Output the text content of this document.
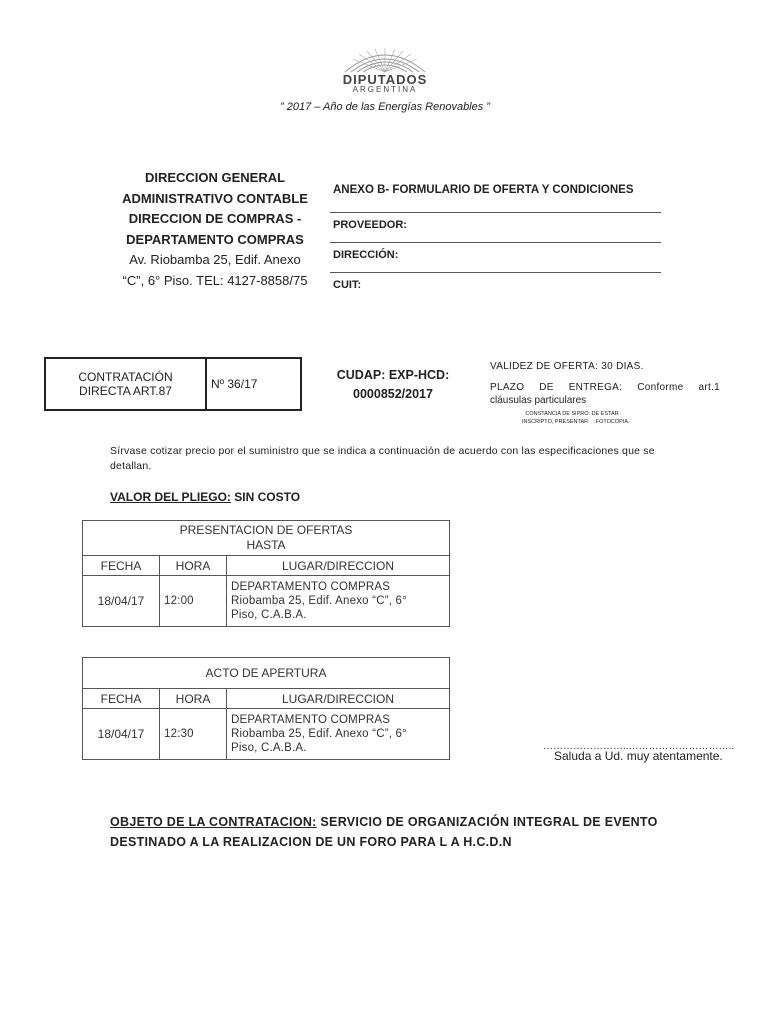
DIPUTADOS
ARGENTINA
” 2017 – Año de las Energías Renovables ”
DIRECCION GENERAL
ADMINISTRATIVO CONTABLE
DIRECCION DE COMPRAS -
DEPARTAMENTO COMPRAS
Av. Riobamba 25, Edif. Anexo
“C”, 6° Piso. TEL: 4127-8858/75
ANEXO B- FORMULARIO DE OFERTA Y CONDICIONES
PROVEEDOR:
DIRECCIÓN:
CUIT:
CONTRATACIÓN DIRECTA ART.87	Nº 36/17
CUDAP: EXP-HCD:
0000852/2017
VALIDEZ DE OFERTA: 30 DIAS.
PLAZO DE ENTREGA: Conforme art.1
cláusulas particulares
CONSTANCIA DE SIPRO: DE ESTAR
INSCRIPTO, PRESENTAR     FOTOCOPIA.
Sírvase cotizar precio por el suministro que se indica a continuación de acuerdo con las especificaciones que se detallan.
VALOR DEL PLIEGO: SIN COSTO
PRESENTACION DE OFERTAS
HASTA		

FECHA	HORA	LUGAR/DIRECCION
18/04/17	12:00	DEPARTAMENTO COMPRAS
Riobamba 25, Edif. Anexo “C”, 6°
Piso, C.A.B.A.
ACTO DE APERTURA		
FECHA	HORA	LUGAR/DIRECCION
18/04/17	12:30	DEPARTAMENTO COMPRAS
Riobamba 25, Edif. Anexo “C”, 6°
Piso, C.A.B.A.	……………………..…………………………..
Saluda a Ud. muy atentamente.
OBJETO DE LA CONTRATACION: SERVICIO DE ORGANIZACIÓN INTEGRAL DE EVENTO
DESTINADO A LA REALIZACION DE UN FORO PARA L A H.C.D.N
